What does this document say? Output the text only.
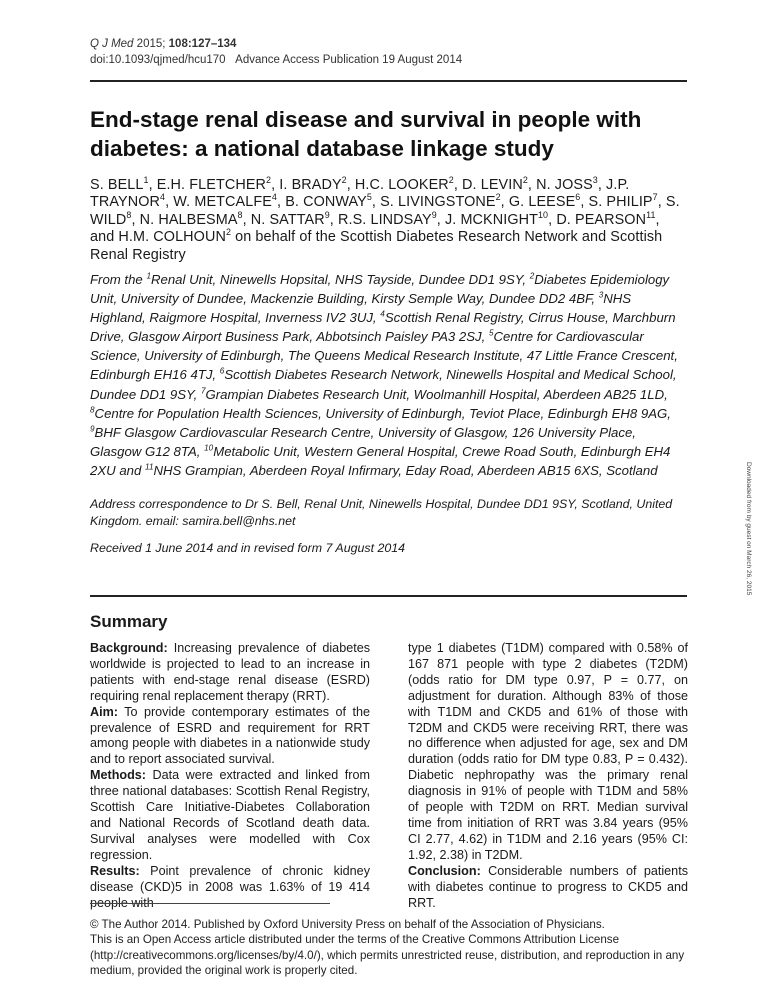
Q J Med 2015; 108:127–134
doi:10.1093/qjmed/hcu170 Advance Access Publication 19 August 2014
End-stage renal disease and survival in people with diabetes: a national database linkage study
S. BELL$^1$, E.H. FLETCHER$^2$, I. BRADY$^2$, H.C. LOOKER$^2$, D. LEVIN$^2$, N. JOSS$^3$, J.P. TRAYNOR$^4$, W. METCALFE$^4$, B. CONWAY$^5$, S. LIVINGSTONE$^2$, G. LEESE$^6$, S. PHILIP$^7$, S. WILD$^8$, N. HALBESMA$^8$, N. SATTAR$^9$, R.S. LINDSAY$^9$, J. MCKNIGHT$^{10}$, D. PEARSON$^{11}$, and H.M. COLHOUN$^2$ on behalf of the Scottish Diabetes Research Network and Scottish Renal Registry
From the $^1$Renal Unit, Ninewells Hopsital, NHS Tayside, Dundee DD1 9SY, $^2$Diabetes Epidemiology Unit, University of Dundee, Mackenzie Building, Kirsty Semple Way, Dundee DD2 4BF, $^3$NHS Highland, Raigmore Hospital, Inverness IV2 3UJ, $^4$Scottish Renal Registry, Cirrus House, Marchburn Drive, Glasgow Airport Business Park, Abbotsinch Paisley PA3 2SJ, $^5$Centre for Cardiovascular Science, University of Edinburgh, The Queens Medical Research Institute, 47 Little France Crescent, Edinburgh EH16 4TJ, $^6$Scottish Diabetes Research Network, Ninewells Hospital and Medical School, Dundee DD1 9SY, $^7$Grampian Diabetes Research Unit, Woolmanhill Hospital, Aberdeen AB25 1LD, $^8$Centre for Population Health Sciences, University of Edinburgh, Teviot Place, Edinburgh EH8 9AG, $^9$BHF Glasgow Cardiovascular Research Centre, University of Glasgow, 126 University Place, Glasgow G12 8TA, $^{10}$Metabolic Unit, Western General Hospital, Crewe Road South, Edinburgh EH4 2XU and $^{11}$NHS Grampian, Aberdeen Royal Infirmary, Eday Road, Aberdeen AB15 6XS, Scotland
Address correspondence to Dr S. Bell, Renal Unit, Ninewells Hospital, Dundee DD1 9SY, Scotland, United Kingdom. email: samira.bell@nhs.net
Received 1 June 2014 and in revised form 7 August 2014
Summary

Background: Increasing prevalence of diabetes worldwide is projected to lead to an increase in patients with end-stage renal disease (ESRD) requiring renal replacement therapy (RRT).

Aim: To provide contemporary estimates of the prevalence of ESRD and requirement for RRT among people with diabetes in a nationwide study and to report associated survival.

Methods: Data were extracted and linked from three national databases: Scottish Renal Registry, Scottish Care Initiative-Diabetes Collaboration and National Records of Scotland death data. Survival analyses were modelled with Cox regression.

Results: Point prevalence of chronic kidney disease (CKD)5 in 2008 was 1.63% of 19 414 people with

type 1 diabetes (T1DM) compared with 0.58% of 167 871 people with type 2 diabetes (T2DM) (odds ratio for DM type 0.97, P = 0.77, on adjustment for duration. Although 83% of those with T1DM and CKD5 and 61% of those with T2DM and CKD5 were receiving RRT, there was no difference when adjusted for age, sex and DM duration (odds ratio for DM type 0.83, P = 0.432). Diabetic nephropathy was the primary renal diagnosis in 91% of people with T1DM and 58% of people with T2DM on RRT. Median survival time from initiation of RRT was 3.84 years (95% CI 2.77, 4.62) in T1DM and 2.16 years (95% CI: 1.92, 2.38) in T2DM.

Conclusion: Considerable numbers of patients with diabetes continue to progress to CKD5 and RRT.

© The Author 2014. Published by Oxford University Press on behalf of the Association of Physicians.
This is an Open Access article distributed under the terms of the Creative Commons Attribution License (http://creativecommons.org/licenses/by/4.0/), which permits unrestricted reuse, distribution, and reproduction in any medium, provided the original work is properly cited.
Downloaded from by guest on March 26, 2015
